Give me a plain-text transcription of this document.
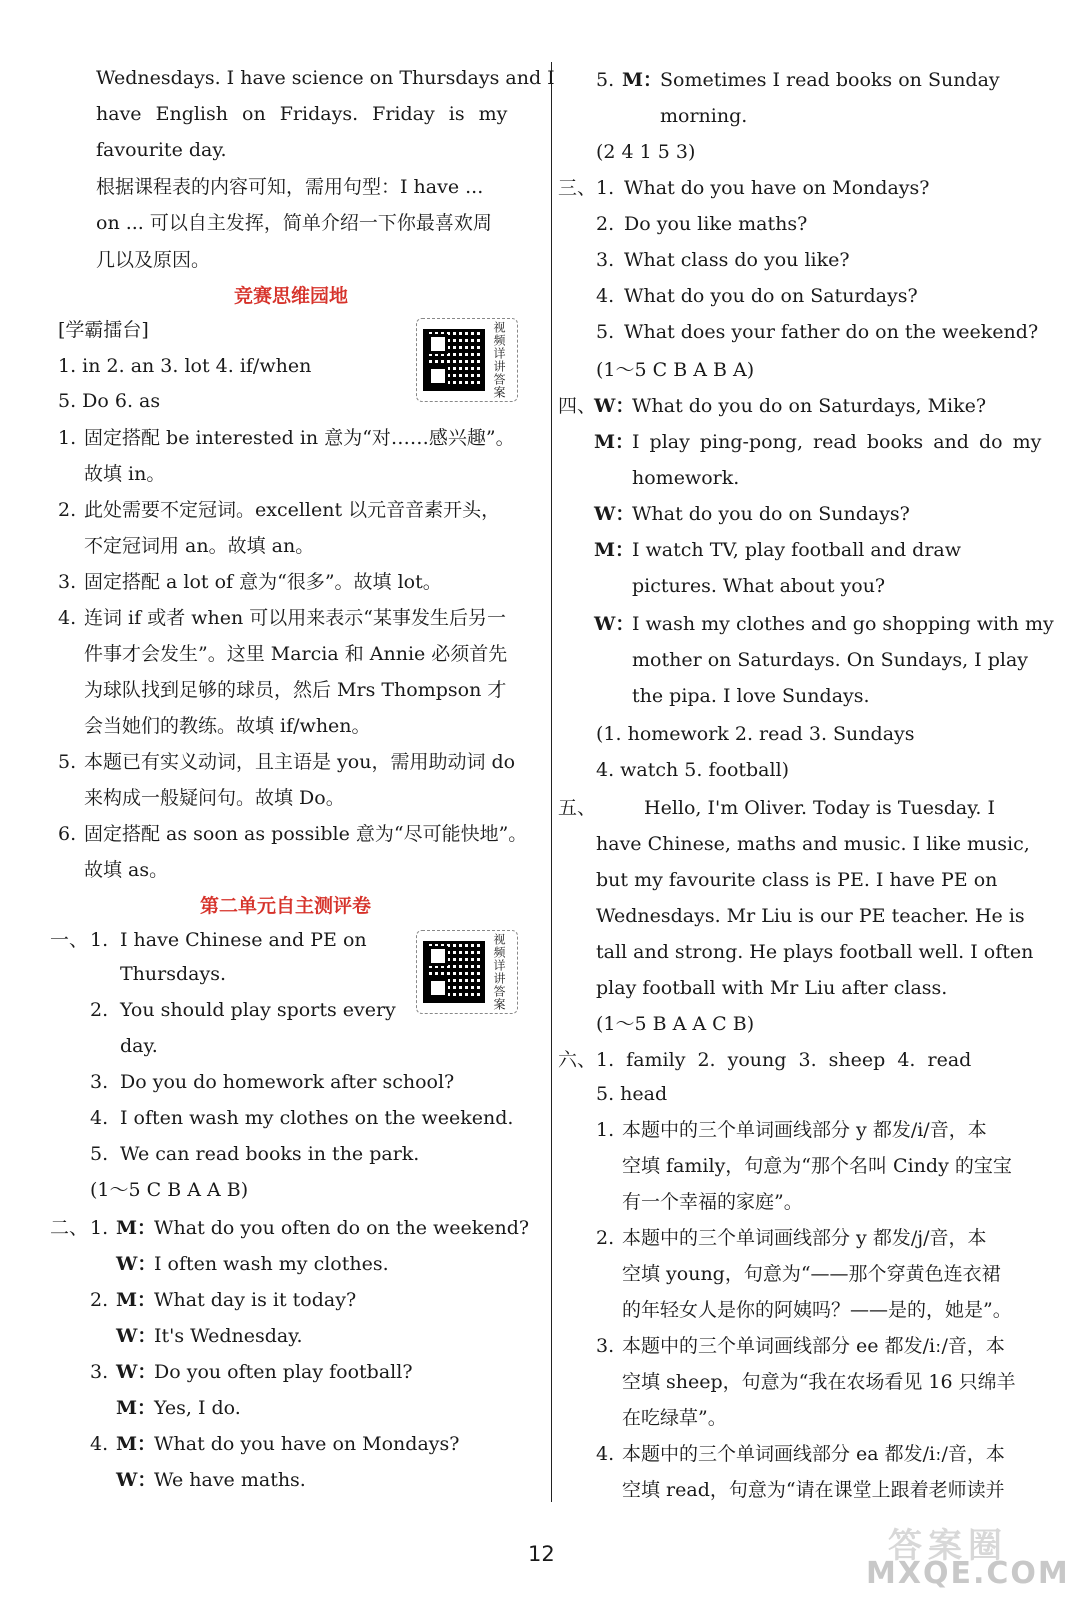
Wednesdays. I have science on Thursdays and I
have English on Fridays. Friday is my
favourite day.
根据课程表的内容可知，需用句型：I have ...
on ... 可以自主发挥，简单介绍一下你最喜欢周
几以及原因。
竞赛思维园地
[学霸擂台]	视频详讲答案
1. in 2. an 3. lot 4. if/when
5. Do 6. as
1. 固定搭配 be interested in 意为“对……感兴趣”。
故填 in。
2. 此处需要不定冠词。excellent 以元音音素开头，
不定冠词用 an。故填 an。
3. 固定搭配 a lot of 意为“很多”。故填 lot。
4. 连词 if 或者 when 可以用来表示“某事发生后另一
件事才会发生”。这里 Marcia 和 Annie 必须首先
为球队找到足够的球员，然后 Mrs Thompson 才
会当她们的教练。故填 if/when。
5. 本题已有实义动词，且主语是 you，需用助动词 do
来构成一般疑问句。故填 Do。
6. 固定搭配 as soon as possible 意为“尽可能快地”。
故填 as。
第二单元自主测评卷
一、	视频详讲答案
1. I have Chinese and PE on
Thursdays.
2. You should play sports every
day.
3. Do you do homework after school?
4. I often wash my clothes on the weekend.
5. We can read books in the park.
(1～5 C B A A B)
二、 1. M：
What do you often do on the weekend?
W：
I often wash my clothes.
2. M：
What day is it today?
W：
It's Wednesday.
3. W：
Do you often play football?
M：
Yes, I do.
4. M：
What do you have on Mondays?
W：
We have maths.
5. M：
Sometimes I read books on Sunday
morning.
(2 4 1 5 3)
三、 1. What do you have on Mondays?
2. Do you like maths?
3. What class do you like?
4. What do you do on Saturdays?
5. What does your father do on the weekend?
(1～5 C B A B A)
四、
W：
What do you do on Saturdays, Mike?
M：
I play ping-pong, read books and do my
homework.
W：
What do you do on Sundays?
M：
I watch TV, play football and draw
pictures. What about you?
W：
I wash my clothes and go shopping with my
mother on Saturdays. On Sundays, I play
the pipa. I love Sundays.
(1. homework 2. read 3. Sundays
4. watch 5. football)
五、	Hello, I'm Oliver. Today is Tuesday. I
have Chinese, maths and music. I like music,
but my favourite class is PE. I have PE on
Wednesdays. Mr Liu is our PE teacher. He is
tall and strong. He plays football well. I often
play football with Mr Liu after class.
(1～5 B A A C B)
六、 1. family 2. young 3. sheep 4. read
5. head
1. 本题中的三个单词画线部分 y 都发/i/音，本
空填 family，句意为“那个名叫 Cindy 的宝宝
有一个幸福的家庭”。
2. 本题中的三个单词画线部分 y 都发/j/音，本
空填 young，句意为“——那个穿黄色连衣裙
的年轻女人是你的阿姨吗？——是的，她是”。
3. 本题中的三个单词画线部分 ee 都发/iː/音，本
空填 sheep，句意为“我在农场看见 16 只绵羊
在吃绿草”。
4. 本题中的三个单词画线部分 ea 都发/iː/音，本
空填 read，句意为“请在课堂上跟着老师读并
12	答案圈
MXQE.COM
